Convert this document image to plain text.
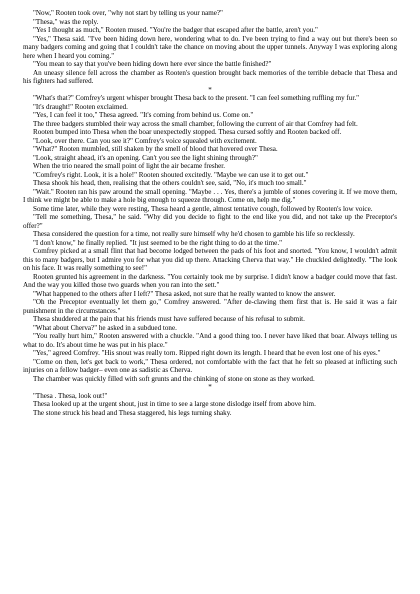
"Now," Rooten took over, "why not start by telling us your name?"

"Thesa," was the reply.

"Yes I thought as much," Rooten mused. "You're the badger that escaped after the battle, aren't you."

"Yes," Thesa said. "I've been hiding down here, wondering what to do. I've been trying to find a way out but there's been so many badgers coming and going that I couldn't take the chance on moving about the upper tunnels. Anyway I was exploring along here when I heard you coming."

"You mean to say that you've been hiding down here ever since the battle finished?"

An uneasy silence fell across the chamber as Rooten's question brought back memories of the terrible debacle that Thesa and his fighters had suffered.

*

"What's that?" Comfrey's urgent whisper brought Thesa back to the present. "I can feel something ruffling my fur."

"It's draught!" Rooten exclaimed.

"Yes, I can feel it too," Thesa agreed. "It's coming from behind us. Come on."

The three badgers stumbled their way across the small chamber, following the current of air that Comfrey had felt.

Rooten bumped into Thesa when the boar unexpectedly stopped. Thesa cursed softly and Rooten backed off.

"Look, over there. Can you see it?" Comfrey's voice squealed with excitement.

"What?" Rooten mumbled, still shaken by the smell of blood that hovered over Thesa.

"Look, straight ahead, it's an opening. Can't you see the light shining through?"

When the trio neared the small point of light the air became fresher.

"Comfrey's right. Look, it is a hole!" Rooten shouted excitedly. "Maybe we can use it to get out."

Thesa shook his head, then, realising that the others couldn't see, said, "No, it's much too small."

"Wait." Rooten ran his paw around the small opening. "Maybe . . . Yes, there's a jumble of stones covering it. If we move them, I think we might be able to make a hole big enough to squeeze through. Come on, help me dig."

Some time later, while they were resting, Thesa heard a gentle, almost tentative cough, followed by Rooten's low voice.

"Tell me something, Thesa," he said. "Why did you decide to fight to the end like you did, and not take up the Preceptor's offer?"

Thesa considered the question for a time, not really sure himself why he'd chosen to gamble his life so recklessly.

"I don't know," he finally replied. "It just seemed to be the right thing to do at the time."

Comfrey picked at a small flint that had become lodged between the pads of his foot and snorted. "You know, I wouldn't admit this to many badgers, but I admire you for what you did up there. Attacking Cherva that way." He chuckled delightedly. "The look on his face. It was really something to see!"

Rooten grunted his agreement in the darkness. "You certainly took me by surprise. I didn't know a badger could move that fast. And the way you killed those two guards when you ran into the sett."

"What happened to the others after I left?" Thesa asked, not sure that he really wanted to know the answer.

"Oh the Preceptor eventually let them go," Comfrey answered. "After de-clawing them first that is. He said it was a fair punishment in the circumstances."

Thesa shuddered at the pain that his friends must have suffered because of his refusal to submit.

"What about Cherva?" he asked in a subdued tone.

"You really hurt him," Rooten answered with a chuckle. "And a good thing too. I never have liked that boar. Always telling us what to do. It's about time he was put in his place."

"Yes," agreed Comfrey. "His snout was really torn. Ripped right down its length. I heard that he even lost one of his eyes."

"Come on then, let's get back to work," Thesa ordered, not comfortable with the fact that he felt so pleased at inflicting such injuries on a fellow badger– even one as sadistic as Cherva.

The chamber was quickly filled with soft grunts and the chinking of stone on stone as they worked.

*

"Thesa . Thesa, look out!"

Thesa looked up at the urgent shout, just in time to see a large stone dislodge itself from above him.

The stone struck his head and Thesa staggered, his legs turning shaky.
